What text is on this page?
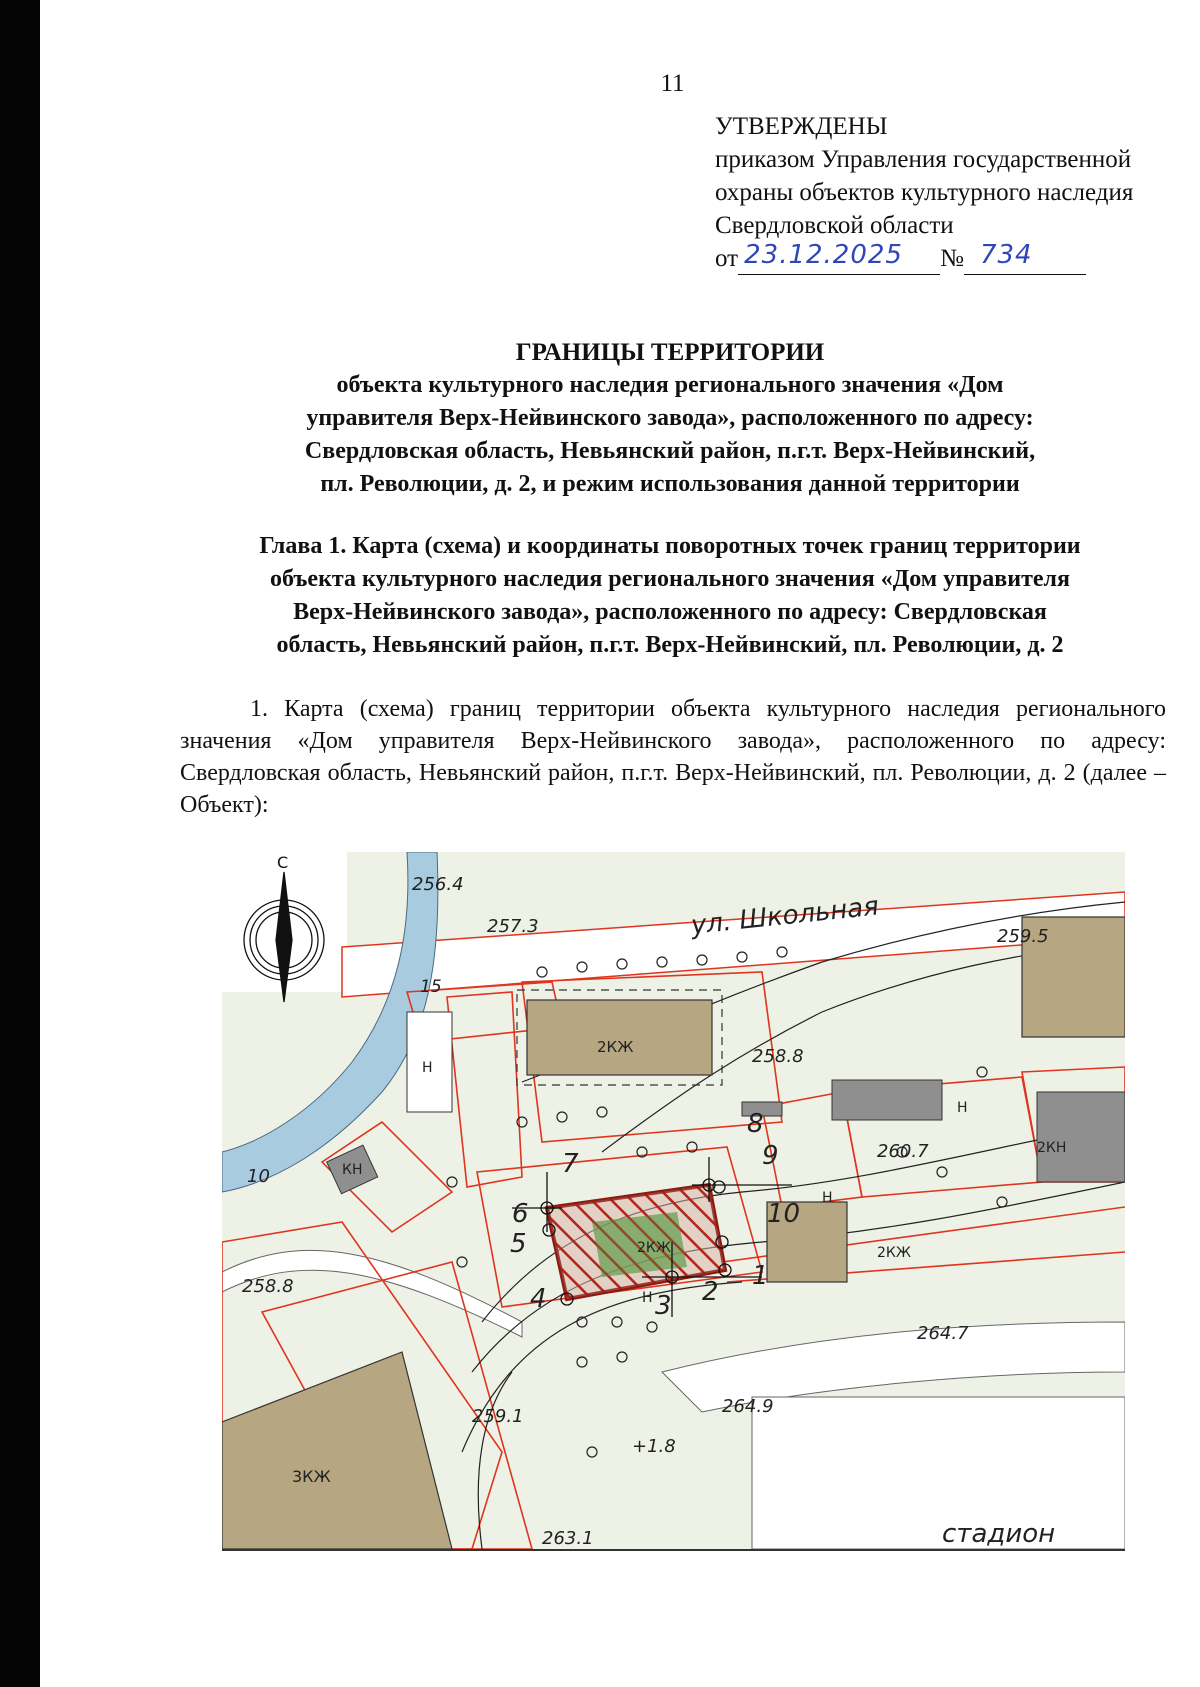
11
УТВЕРЖДЕНЫ
приказом Управления государственной
охраны объектов культурного наследия
Свердловской области
от 23.12.2025 № 734
ГРАНИЦЫ ТЕРРИТОРИИ
объекта культурного наследия регионального значения «Дом
управителя Верх-Нейвинского завода», расположенного по адресу:
Свердловская область, Невьянский район, п.г.т. Верх-Нейвинский,
пл. Революции, д. 2, и режим использования данной территории
Глава 1. Карта (схема) и координаты поворотных точек границ территории
объекта культурного наследия регионального значения «Дом управителя
Верх-Нейвинского завода», расположенного по адресу: Свердловская
область, Невьянский район, п.г.т. Верх-Нейвинский, пл. Революции, д. 2
1. Карта (схема) границ территории объекта культурного наследия регионального значения «Дом управителя Верх-Нейвинского завода», расположенного по адресу: Свердловская область, Невьянский район, п.г.т. Верх-Нейвинский, пл. Революции, д. 2 (далее – Объект):
С
ул. Школьная
стадион
256.4
257.3	259.5
258.8
260.7
258.8
264.7
259.1	264.9
+1.8
263.1
15
10
2КЖ
2КЖ
КН
Н
Н
2КН
2КЖ
3КЖ
Н
Н
1
2
3
4
5
6
7
8
9
10
